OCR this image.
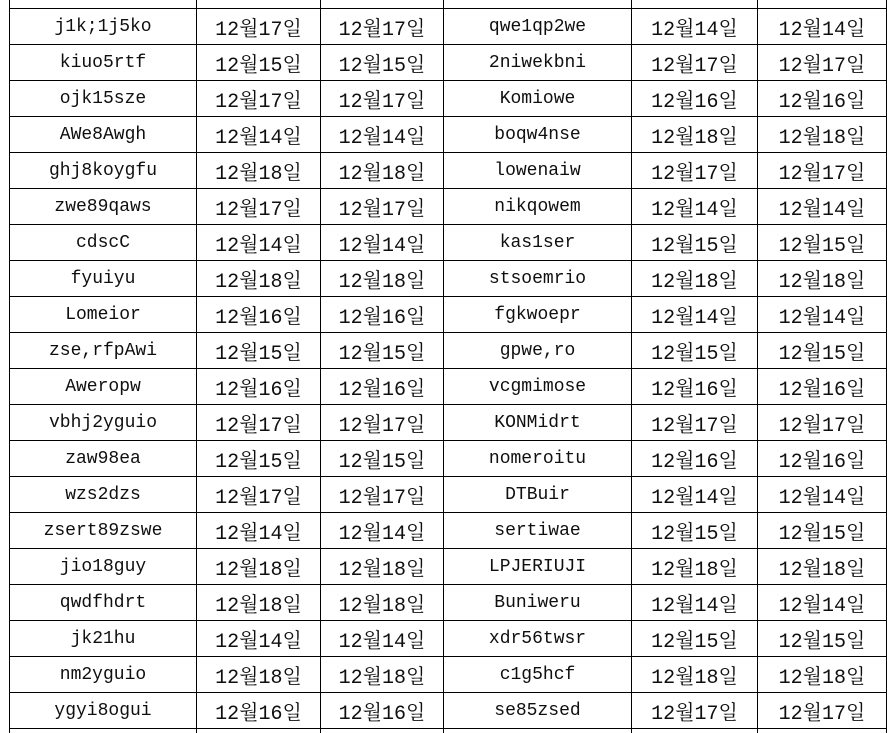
j1k;1j5ko	12월17일	12월17일	qwe1qp2we	12월14일	12월14일
kiuo5rtf	12월15일	12월15일	2niwekbni	12월17일	12월17일
ojk15sze	12월17일	12월17일	Komiowe	12월16일	12월16일
AWe8Awgh	12월14일	12월14일	boqw4nse	12월18일	12월18일
ghj8koygfu	12월18일	12월18일	lowenaiw	12월17일	12월17일
zwe89qaws	12월17일	12월17일	nikqowem	12월14일	12월14일
cdscC	12월14일	12월14일	kas1ser	12월15일	12월15일
fyuiyu	12월18일	12월18일	stsoemrio	12월18일	12월18일
Lomeior	12월16일	12월16일	fgkwoepr	12월14일	12월14일
zse,rfpAwi	12월15일	12월15일	gpwe,ro	12월15일	12월15일
Aweropw	12월16일	12월16일	vcgmimose	12월16일	12월16일
vbhj2yguio	12월17일	12월17일	KONMidrt	12월17일	12월17일
zaw98ea	12월15일	12월15일	nomeroitu	12월16일	12월16일
wzs2dzs	12월17일	12월17일	DTBuir	12월14일	12월14일
zsert89zswe	12월14일	12월14일	sertiwae	12월15일	12월15일
jio18guy	12월18일	12월18일	LPJERIUJI	12월18일	12월18일
qwdfhdrt	12월18일	12월18일	Buniweru	12월14일	12월14일
jk21hu	12월14일	12월14일	xdr56twsr	12월15일	12월15일
nm2yguio	12월18일	12월18일	c1g5hcf	12월18일	12월18일
ygyi8ogui	12월16일	12월16일	se85zsed	12월17일	12월17일
